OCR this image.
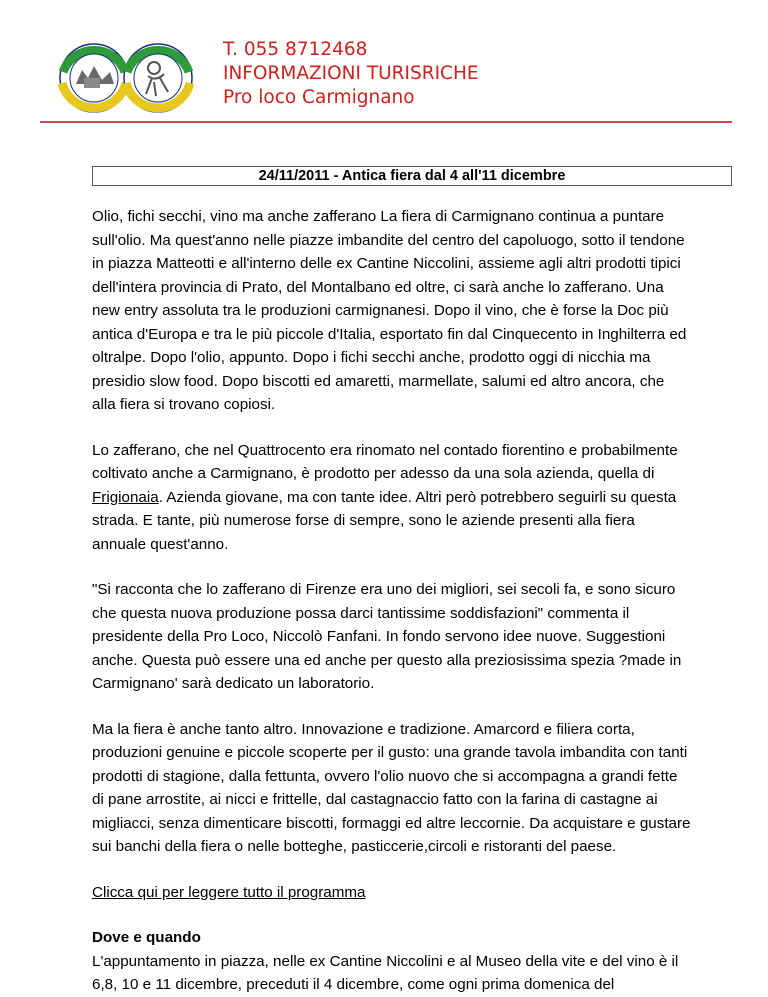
T. 055 8712468
INFORMAZIONI TURISRICHE
Pro loco Carmignano
24/11/2011 - Antica fiera dal 4 all'11 dicembre

Olio, fichi secchi, vino ma anche zafferano La fiera di Carmignano continua a puntare sull'olio. Ma quest'anno nelle piazze imbandite del centro del capoluogo, sotto il tendone in piazza Matteotti e all'interno delle ex Cantine Niccolini, assieme agli altri prodotti tipici dell'intera provincia di Prato, del Montalbano ed oltre, ci sarà anche lo zafferano. Una new entry assoluta tra le produzioni carmignanesi. Dopo il vino, che è forse la Doc più antica d'Europa e tra le più piccole d'Italia, esportato fin dal Cinquecento in Inghilterra ed oltralpe. Dopo l'olio, appunto. Dopo i fichi secchi anche, prodotto oggi di nicchia ma presidio slow food. Dopo biscotti ed amaretti, marmellate, salumi ed altro ancora, che alla fiera si trovano copiosi.

Lo zafferano, che nel Quattrocento era rinomato nel contado fiorentino e probabilmente coltivato anche a Carmignano, è prodotto per adesso da una sola azienda, quella di Frigionaia. Azienda giovane, ma con tante idee. Altri però potrebbero seguirli su questa strada. E tante, più numerose forse di sempre, sono le aziende presenti alla fiera annuale quest'anno.

"Si racconta che lo zafferano di Firenze era uno dei migliori, sei secoli fa, e sono sicuro che questa nuova produzione possa darci tantissime soddisfazioni" commenta il presidente della Pro Loco, Niccolò Fanfani. In fondo servono idee nuove. Suggestioni anche. Questa può essere una ed anche per questo alla preziosissima spezia ?made in Carmignano' sarà dedicato un laboratorio.

Ma la fiera è anche tanto altro. Innovazione e tradizione. Amarcord e filiera corta, produzioni genuine e piccole scoperte per il gusto: una grande tavola imbandita con tanti prodotti di stagione, dalla fettunta, ovvero l'olio nuovo che si accompagna a grandi fette di pane arrostite, ai nicci e frittelle, dal castagnaccio fatto con la farina di castagne ai migliacci, senza dimenticare biscotti, formaggi ed altre leccornie. Da acquistare e gustare sui banchi della fiera o nelle botteghe, pasticcerie,circoli e ristoranti del paese.

Clicca qui per leggere tutto il programma

Dove e quando
L'appuntamento in piazza, nelle ex Cantine Niccolini e al Museo della vite e del vino è il 6,8, 10 e 11 dicembre, preceduti il 4 dicembre, come ogni prima domenica del
